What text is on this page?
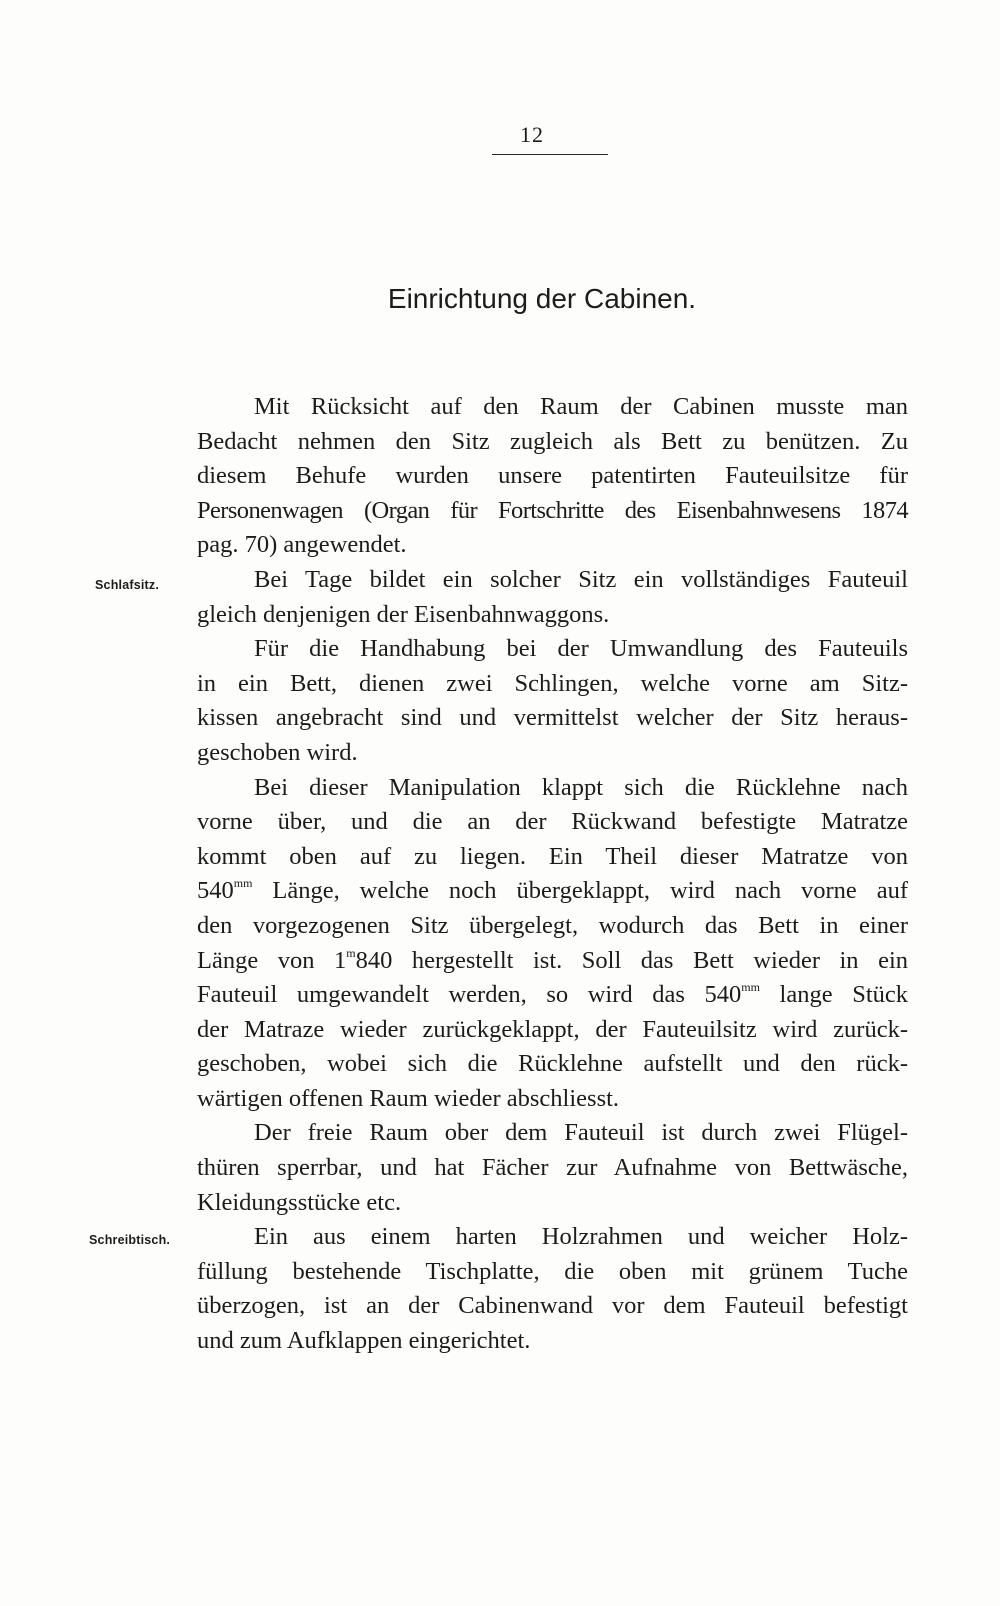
12
Einrichtung der Cabinen.
Schlafsitz.
Schreibtisch.
Mit Rücksicht auf den Raum der Cabinen musste man
Bedacht nehmen den Sitz zugleich als Bett zu benützen. Zu
diesem Behufe wurden unsere patentirten Fauteuilsitze für
Personenwagen (Organ für Fortschritte des Eisenbahnwesens 1874
pag. 70) angewendet.
Bei Tage bildet ein solcher Sitz ein vollständiges Fauteuil
gleich denjenigen der Eisenbahnwaggons.
Für die Handhabung bei der Umwandlung des Fauteuils
in ein Bett, dienen zwei Schlingen, welche vorne am Sitz-
kissen angebracht sind und vermittelst welcher der Sitz heraus-
geschoben wird.
Bei dieser Manipulation klappt sich die Rücklehne nach
vorne über, und die an der Rückwand befestigte Matratze
kommt oben auf zu liegen. Ein Theil dieser Matratze von
$540^{mm}$ Länge, welche noch übergeklappt, wird nach vorne auf
den vorgezogenen Sitz übergelegt, wodurch das Bett in einer
Länge von 1$^m$840 hergestellt ist. Soll das Bett wieder in ein
Fauteuil umgewandelt werden, so wird das $540^{mm}$ lange Stück
der Matraze wieder zurückgeklappt, der Fauteuilsitz wird zurück-
geschoben, wobei sich die Rücklehne aufstellt und den rück-
wärtigen offenen Raum wieder abschliesst.
Der freie Raum ober dem Fauteuil ist durch zwei Flügel-
thüren sperrbar, und hat Fächer zur Aufnahme von Bettwäsche,
Kleidungsstücke etc.
Ein aus einem harten Holzrahmen und weicher Holz-
füllung bestehende Tischplatte, die oben mit grünem Tuche
überzogen, ist an der Cabinenwand vor dem Fauteuil befestigt
und zum Aufklappen eingerichtet.
